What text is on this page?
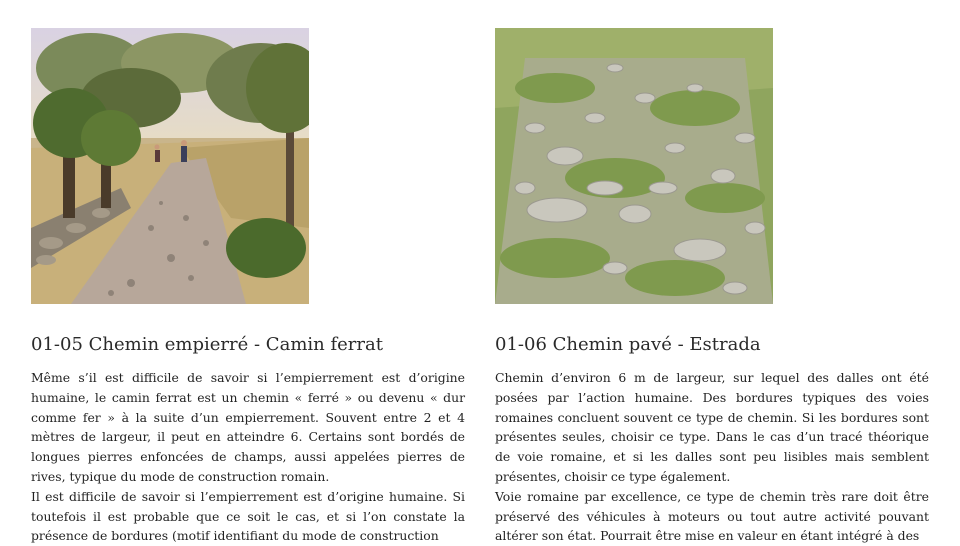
01-05 Chemin empierré - Camin ferrat

Même s’il est difficile de savoir si l’empierrement est d’origine humaine, le camin ferrat est un chemin « ferré » ou devenu « dur comme fer » à la suite d’un empierrement. Souvent entre 2 et 4 mètres de largeur, il peut en atteindre 6. Certains sont bordés de longues pierres enfoncées de champs, aussi appelées pierres de rives, typique du mode de construction romain.

Il est difficile de savoir si l’empierrement est d’origine humaine. Si toutefois il est probable que ce soit le cas, et si l’on constate la présence de bordures (motif identifiant du mode de construction

01-06 Chemin pavé - Estrada

Chemin d’environ 6 m de largeur, sur lequel des dalles ont été posées par l’action humaine. Des bordures typiques des voies romaines concluent souvent ce type de chemin. Si les bordures sont présentes seules, choisir ce type. Dans le cas d’un tracé théorique de voie romaine, et si les dalles sont peu lisibles mais semblent présentes, choisir ce type également.

Voie romaine par excellence, ce type de chemin très rare doit être préservé des véhicules à moteurs ou tout autre activité pouvant altérer son état. Pourrait être mise en valeur en étant intégré à des
